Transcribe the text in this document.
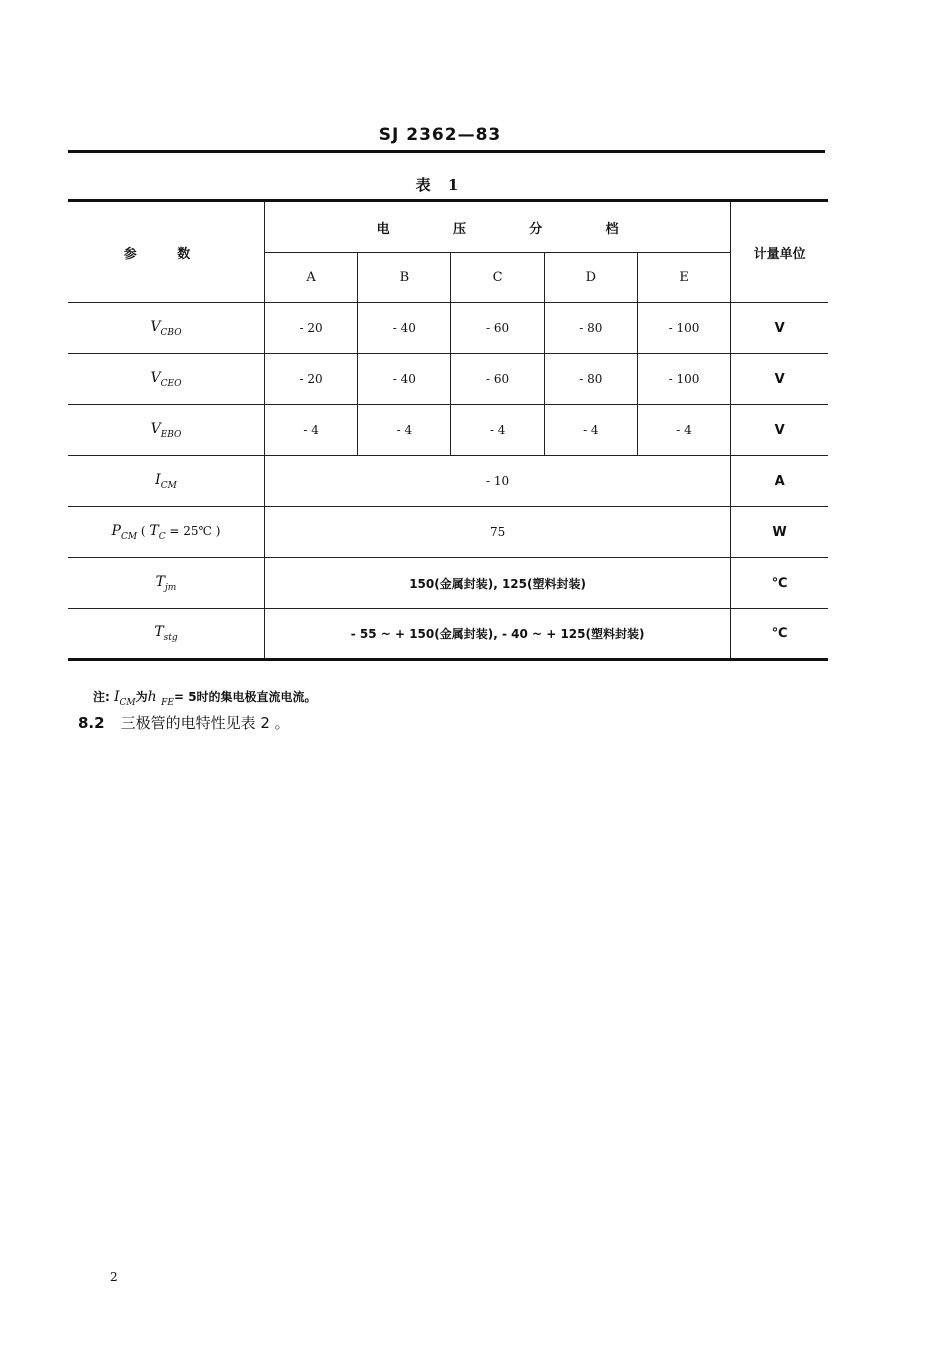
SJ 2362—83
表 1
参 数	电 压 分 档					计量单位
	A	B	C	D	E	
$V_{CBO}$	- 20	- 40	- 60	- 80	- 100	V
$V_{CEO}$	- 20	- 40	- 60	- 80	- 100	V
$V_{EBO}$	- 4	- 4	- 4	- 4	- 4	V
$I_{CM}$	- 10					A
$P_{CM}$ ( $T_C$ = 25℃ )	75					W
$T_{jm}$	150(金属封装), 125(塑料封装)					℃
$T_{stg}$	- 55 ~ + 150(金属封装), - 40 ~ + 125(塑料封装)					℃
注: $I_{CM}$为h $_{FE}$= 5时的集电极直流电流。
8.2 三极管的电特性见表 2 。
2
